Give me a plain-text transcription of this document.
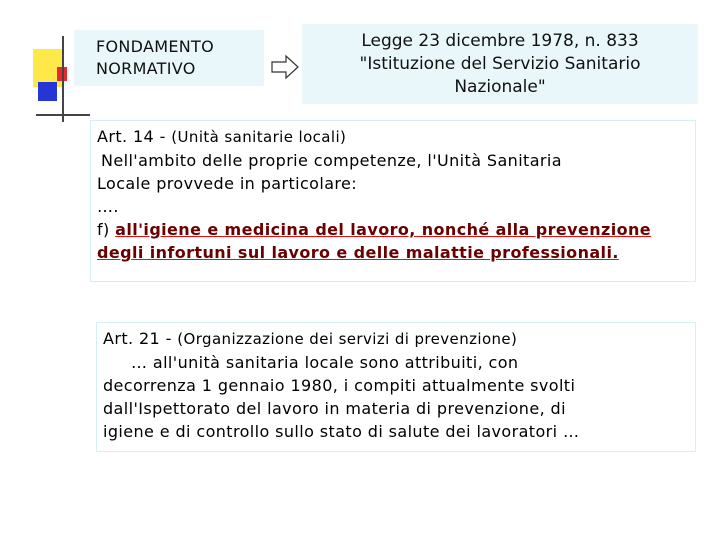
FONDAMENTO
NORMATIVO
Legge 23 dicembre 1978, n. 833
"Istituzione del Servizio Sanitario
Nazionale"
Art. 14 - (Unità sanitarie locali)
Nell'ambito delle proprie competenze, l'Unità Sanitaria
Locale provvede in particolare:
….
f) all'igiene e medicina del lavoro, nonché alla prevenzione
degli infortuni sul lavoro e delle malattie professionali.
Art. 21 - (Organizzazione dei servizi di prevenzione)
… all'unità sanitaria locale sono attribuiti, con
decorrenza 1 gennaio 1980, i compiti attualmente svolti
dall'Ispettorato del lavoro in materia di prevenzione, di
igiene e di controllo sullo stato di salute dei lavoratori …
